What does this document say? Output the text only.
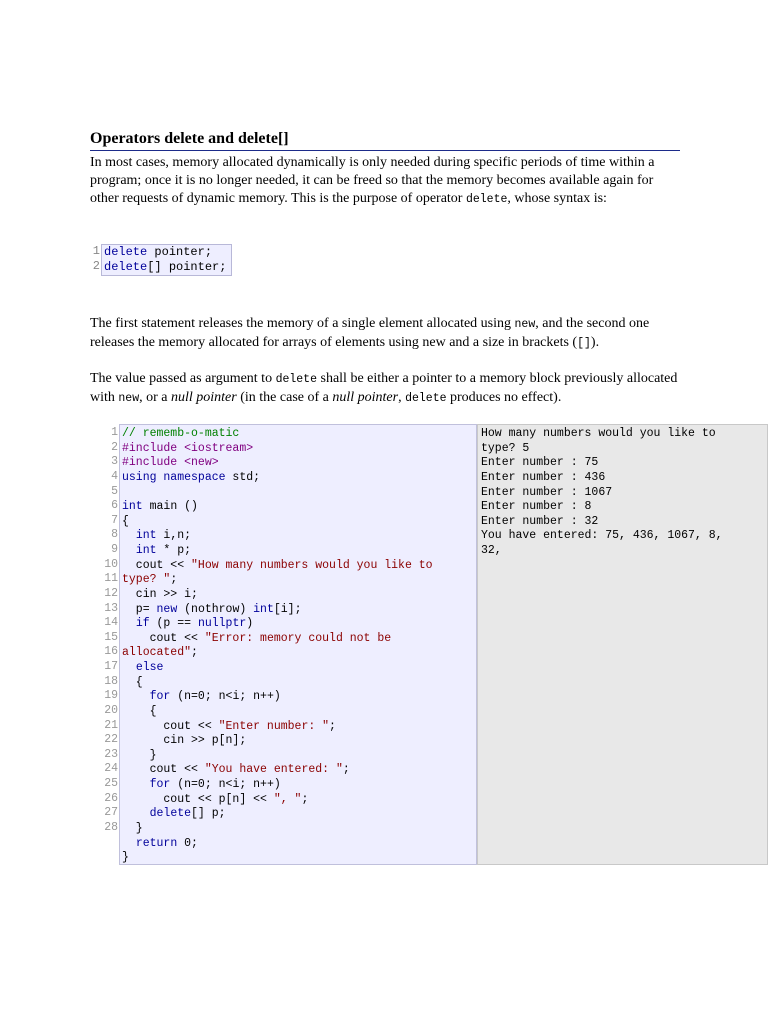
Operators delete and delete[]
In most cases, memory allocated dynamically is only needed during specific periods of time within a program; once it is no longer needed, it can be freed so that the memory becomes available again for other requests of dynamic memory. This is the purpose of operator delete, whose syntax is:
1
2
delete pointer;
delete[] pointer;
The first statement releases the memory of a single element allocated using new, and the second one releases the memory allocated for arrays of elements using new and a size in brackets ([]).
The value passed as argument to delete shall be either a pointer to a memory block previously allocated with new, or a null pointer (in the case of a null pointer, delete produces no effect).
1
2
3
4
5
6
7
8
9
10
11
12
13
14
15
16
17
18
19
20
21
22
23
24
25
26
27
28
// rememb-o-matic
#include <iostream>
#include <new>
using namespace std;
int main ()
{
int i,n;
int * p;
cout << "How many numbers would you like to
type? ";
cin >> i;
p= new (nothrow) int[i];
if (p == nullptr)
cout << "Error: memory could not be
allocated";
else
{
for (n=0; n<i; n++)
{
cout << "Enter number: ";
cin >> p[n];
}
cout << "You have entered: ";
for (n=0; n<i; n++)
cout << p[n] << ", ";
delete[] p;
}
return 0;
}
How many numbers would you like to
type? 5
Enter number : 75
Enter number : 436
Enter number : 1067
Enter number : 8
Enter number : 32
You have entered: 75, 436, 1067, 8,
32,
